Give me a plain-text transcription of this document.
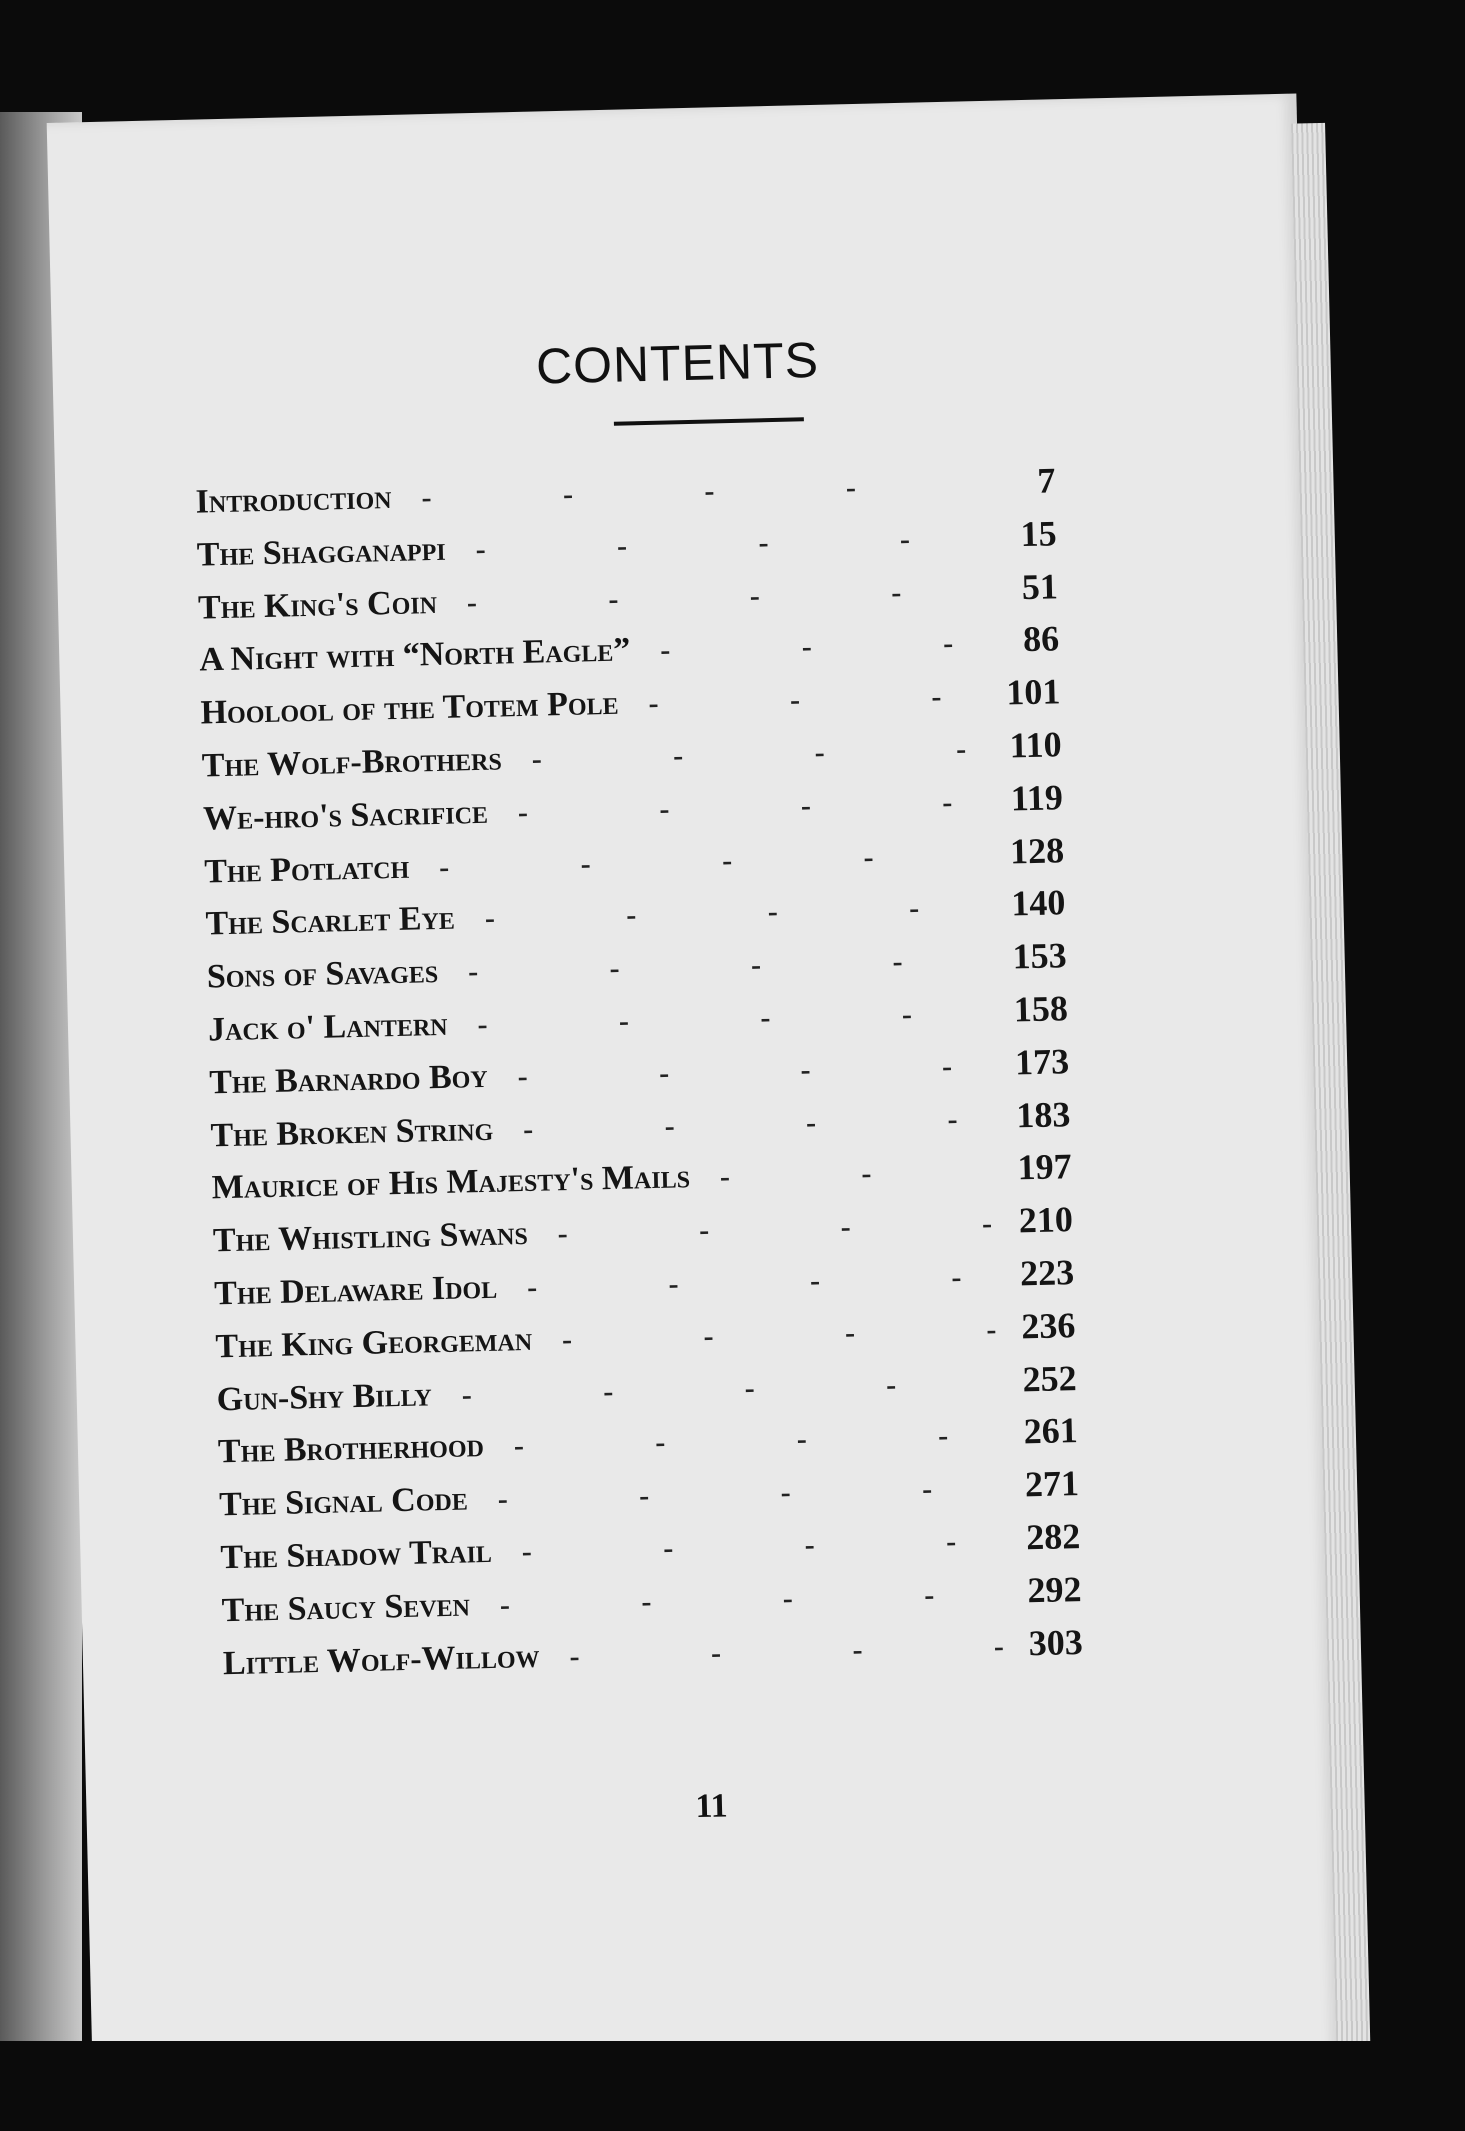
CONTENTS
Introduction - - -	7
The Shagganappi - - -	15
The King's Coin - - -	51
A Night with “North Eagle” - - -	86
Hoolool of the Totem Pole - - -	101
The Wolf-Brothers - - -	110
We-hro's Sacrifice - - -	119
The Potlatch - - -	128
The Scarlet Eye - - -	140
Sons of Savages - - -	153
Jack o' Lantern - - -	158
The Barnardo Boy - - -	173
The Broken String - - -	183
Maurice of His Majesty's Mails - - -	197
The Whistling Swans - - -	210
The Delaware Idol - - -	223
The King Georgeman - - -	236
Gun-Shy Billy - - -	252
The Brotherhood - - -	261
The Signal Code - - -	271
The Shadow Trail - - -	282
The Saucy Seven - - -	292
Little Wolf-Willow - - -	303
11
